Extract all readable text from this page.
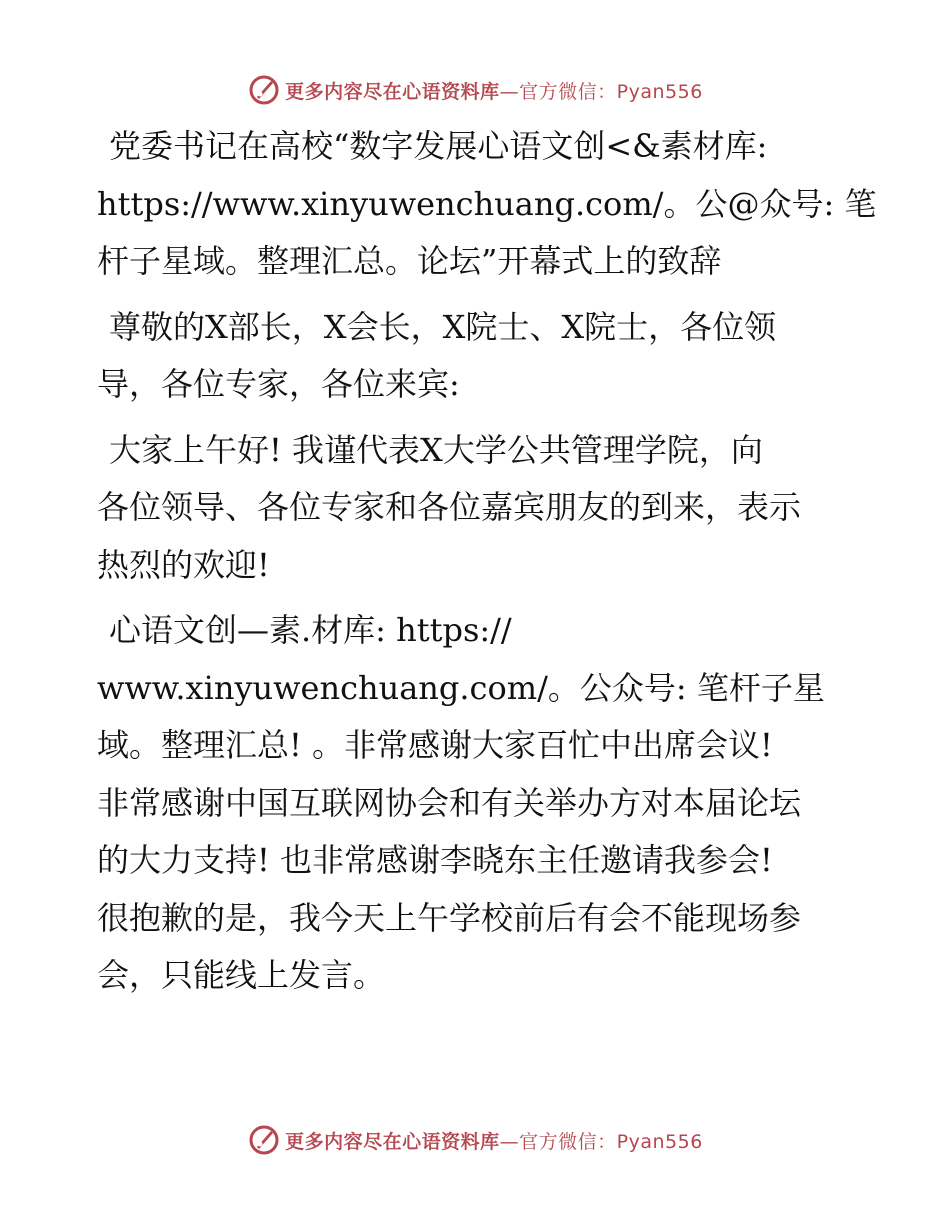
更多内容尽在心语资料库—官方微信：Pyan556
党委书记在高校“数字发展心语文创<&素材库:
https://www.xinyuwenchuang.com/。公@众号: 笔
杆子星域。整理汇总。论坛”开幕式上的致辞
尊敬的X部长，X会长，X院士、X院士，各位领
导，各位专家，各位来宾:
大家上午好! 我谨代表X大学公共管理学院，向
各位领导、各位专家和各位嘉宾朋友的到来，表示
热烈的欢迎!
心语文创—素.材库: https://
www.xinyuwenchuang.com/。公众号: 笔杆子星
域。整理汇总! 。非常感谢大家百忙中出席会议!
非常感谢中国互联网协会和有关举办方对本届论坛
的大力支持! 也非常感谢李晓东主任邀请我参会!
很抱歉的是，我今天上午学校前后有会不能现场参
会，只能线上发言。
更多内容尽在心语资料库—官方微信：Pyan556
